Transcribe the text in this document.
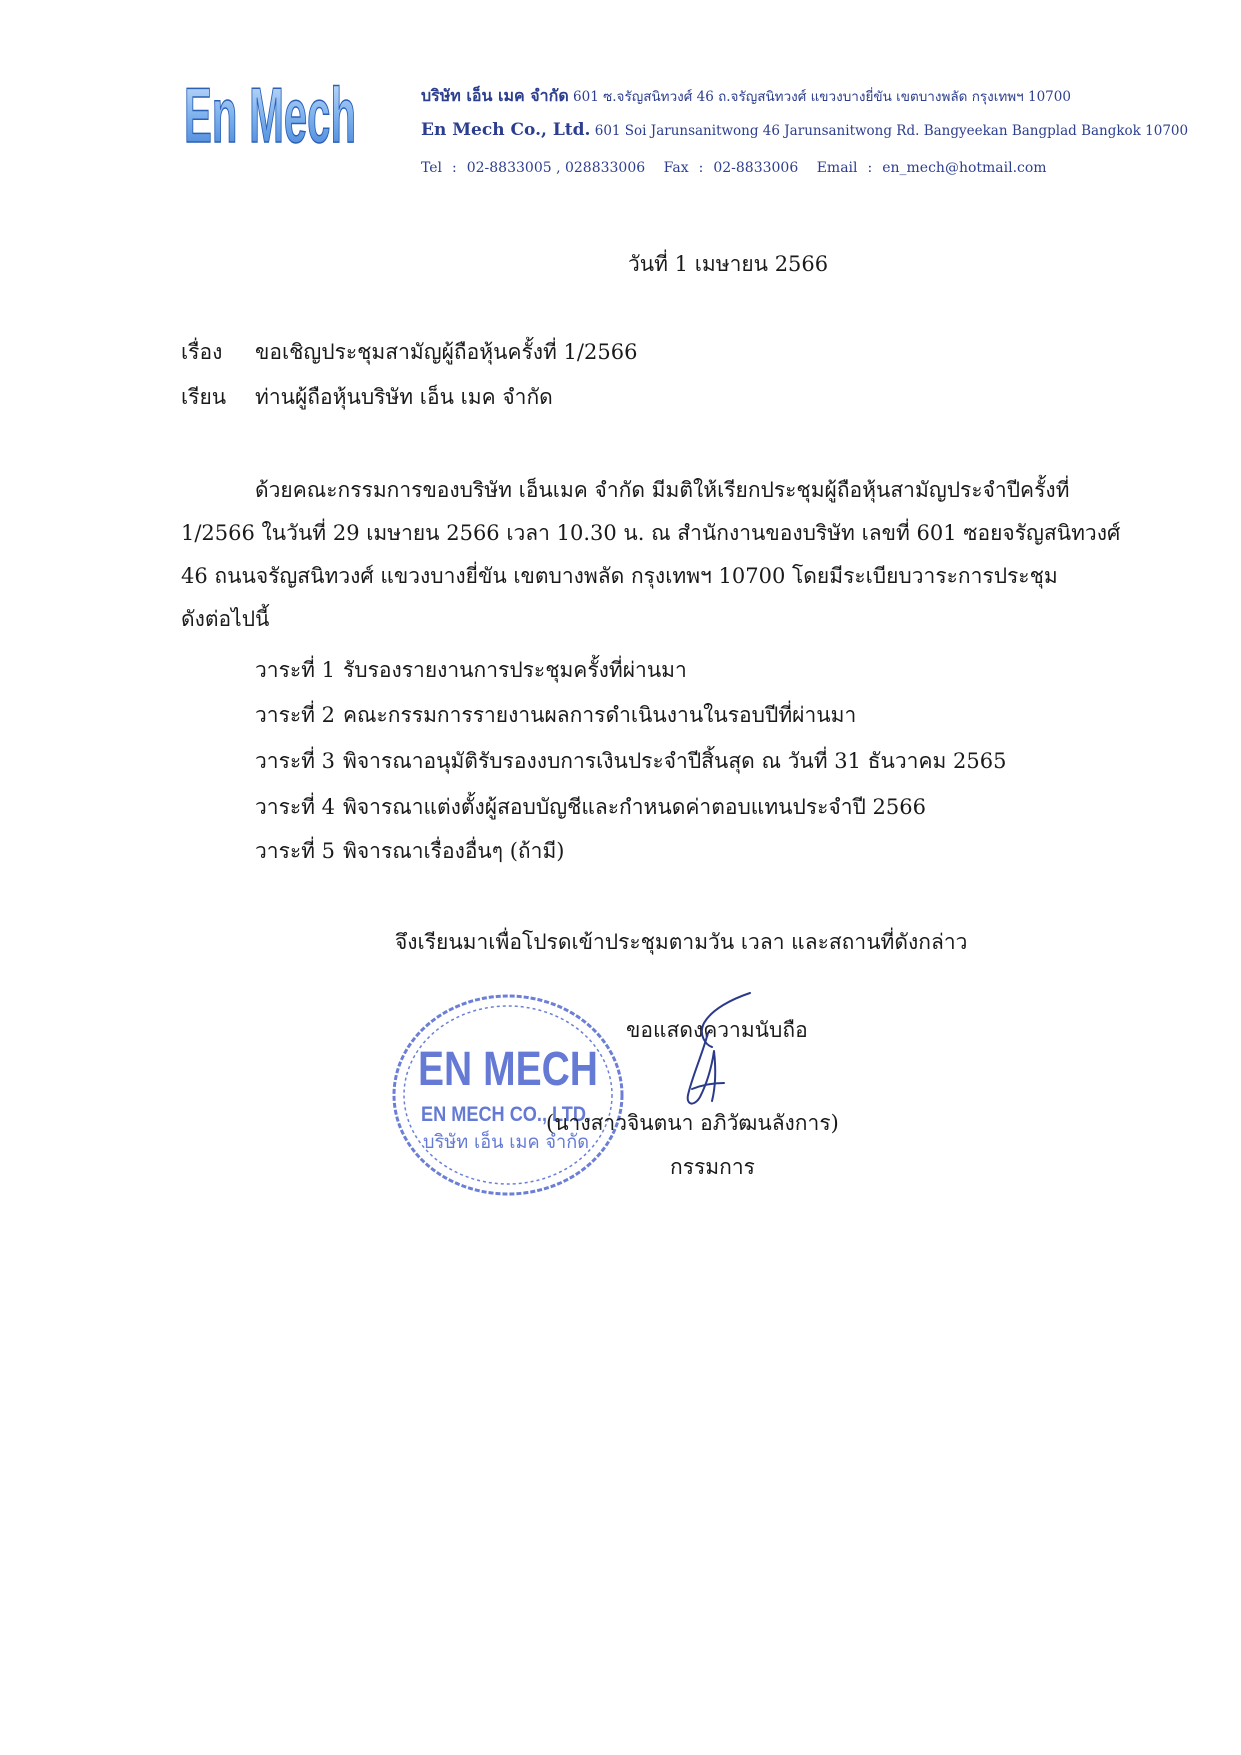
En Mech	บริษัท เอ็น เมค จำกัด 601 ซ.จรัญสนิทวงศ์ 46 ถ.จรัญสนิทวงศ์ แขวงบางยี่ขัน เขตบางพลัด กรุงเทพฯ 10700
En Mech Co., Ltd. 601 Soi Jarunsanitwong 46 Jarunsanitwong Rd. Bangyeekan Bangplad Bangkok 10700
Tel : 02-8833005 , 028833006 Fax : 02-8833006 Email : en_mech@hotmail.com
วันที่ 1 เมษายน 2566
เรื่อง ขอเชิญประชุมสามัญผู้ถือหุ้นครั้งที่ 1/2566
เรียน ท่านผู้ถือหุ้นบริษัท เอ็น เมค จำกัด
ด้วยคณะกรรมการของบริษัท เอ็นเมค จำกัด มีมติให้เรียกประชุมผู้ถือหุ้นสามัญประจำปีครั้งที่
1/2566 ในวันที่ 29 เมษายน 2566 เวลา 10.30 น. ณ สำนักงานของบริษัท เลขที่ 601 ซอยจรัญสนิทวงศ์
46 ถนนจรัญสนิทวงศ์ แขวงบางยี่ขัน เขตบางพลัด กรุงเทพฯ 10700 โดยมีระเบียบวาระการประชุม
ดังต่อไปนี้
วาระที่ 1 รับรองรายงานการประชุมครั้งที่ผ่านมา
วาระที่ 2 คณะกรรมการรายงานผลการดำเนินงานในรอบปีที่ผ่านมา
วาระที่ 3 พิจารณาอนุมัติรับรองงบการเงินประจำปีสิ้นสุด ณ วันที่ 31 ธันวาคม 2565
วาระที่ 4 พิจารณาแต่งตั้งผู้สอบบัญชีและกำหนดค่าตอบแทนประจำปี 2566
วาระที่ 5 พิจารณาเรื่องอื่นๆ (ถ้ามี)
จึงเรียนมาเพื่อโปรดเข้าประชุมตามวัน เวลา และสถานที่ดังกล่าว
EN MECH
EN MECH CO., LTD.
บริษัท เอ็น เมค จำกัด
ขอแสดงความนับถือ
(นางสาวจินตนา อภิวัฒนลังการ)
กรรมการ
